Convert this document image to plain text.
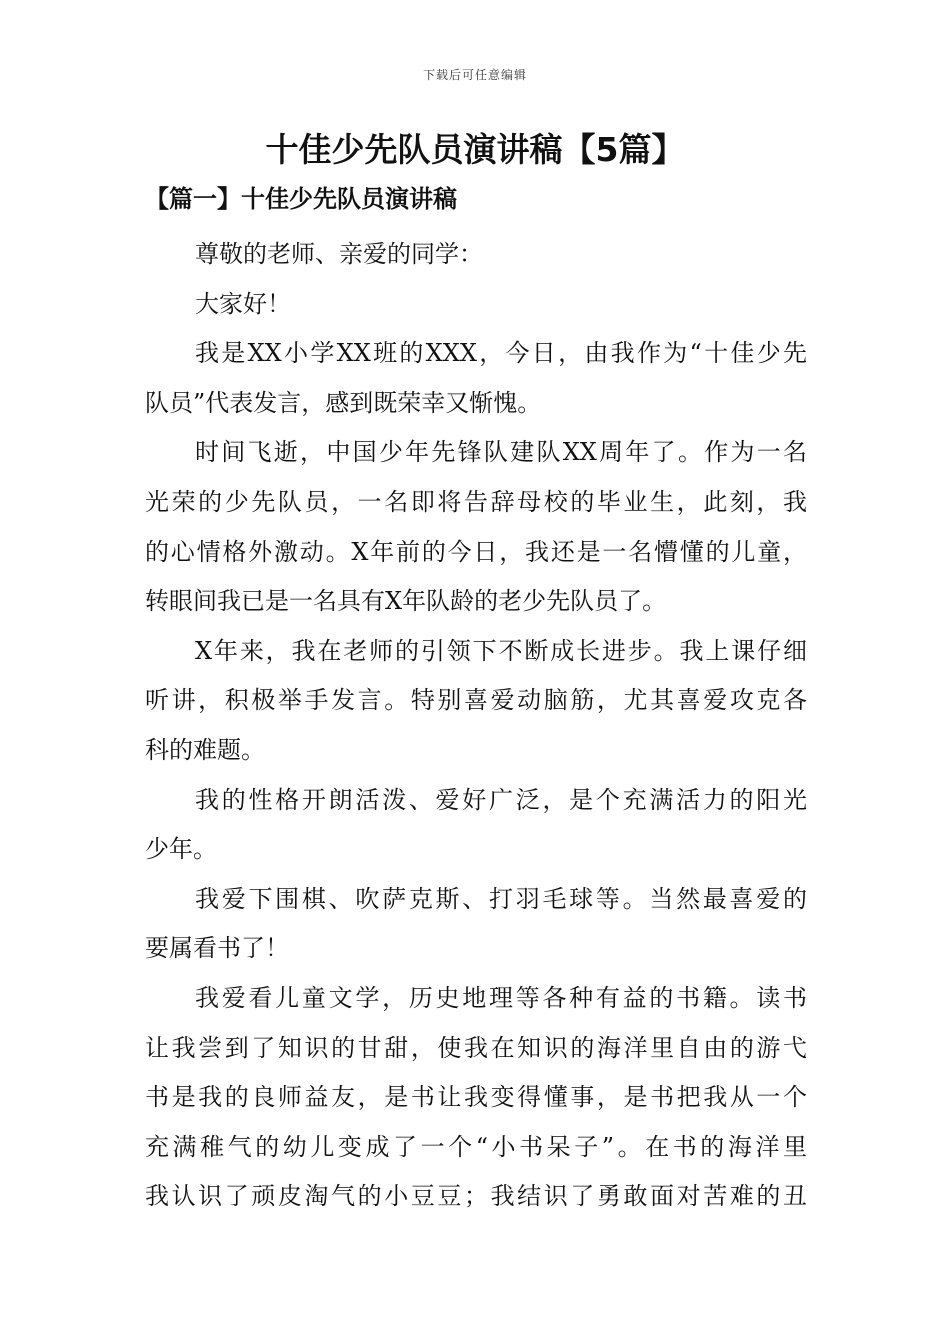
下载后可任意编辑
十佳少先队员演讲稿【5篇】
【篇一】十佳少先队员演讲稿

尊敬的老师、亲爱的同学：

大家好！

我是XX小学XX班的XXX，今日，由我作为“十佳少先
队员”代表发言，感到既荣幸又惭愧。

时间飞逝，中国少年先锋队建队XX周年了。作为一名
光荣的少先队员，一名即将告辞母校的毕业生，此刻，我
的心情格外激动。X年前的今日，我还是一名懵懂的儿童，
转眼间我已是一名具有X年队龄的老少先队员了。

X年来，我在老师的引领下不断成长进步。我上课仔细
听讲，积极举手发言。特别喜爱动脑筋，尤其喜爱攻克各
科的难题。

我的性格开朗活泼、爱好广泛，是个充满活力的阳光
少年。

我爱下围棋、吹萨克斯、打羽毛球等。当然最喜爱的
要属看书了！

我爱看儿童文学，历史地理等各种有益的书籍。读书
让我尝到了知识的甘甜，使我在知识的海洋里自由的游弋
书是我的良师益友，是书让我变得懂事，是书把我从一个
充满稚气的幼儿变成了一个“小书呆子”。在书的海洋里
我认识了顽皮淘气的小豆豆；我结识了勇敢面对苦难的丑
